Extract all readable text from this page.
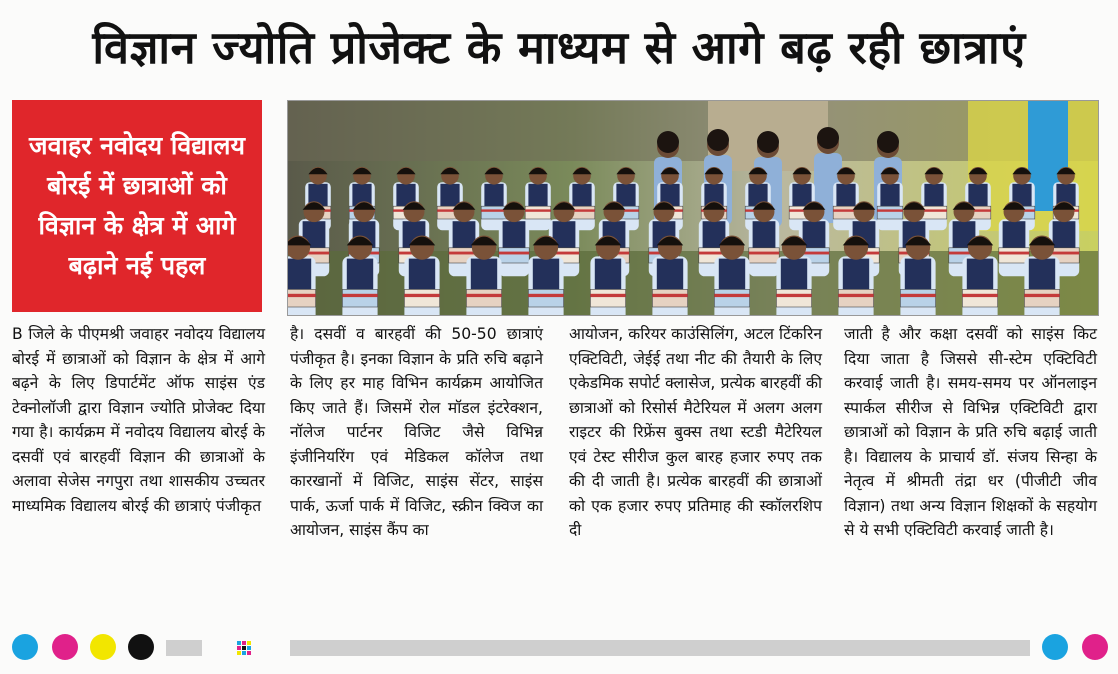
विज्ञान ज्योति प्रोजेक्ट के माध्यम से आगे बढ़ रही छात्राएं
जवाहर नवोदय विद्यालय बोरई में छात्राओं को विज्ञान के क्षेत्र में आगे बढ़ाने नई पहल
B जिले के पीएमश्री जवाहर नवोदय विद्यालय बोरई में छात्राओं को विज्ञान के क्षेत्र में आगे बढ़ने के लिए डिपार्टमेंट ऑफ साइंस एंड टेक्नोलॉजी द्वारा विज्ञान ज्योति प्रोजेक्ट दिया गया है। कार्यक्रम में नवोदय विद्यालय बोरई के दसवीं एवं बारहवीं विज्ञान की छात्राओं के अलावा सेजेस नगपुरा तथा शासकीय उच्चतर माध्यमिक विद्यालय बोरई की छात्राएं पंजीकृत
है। दसवीं व बारहवीं की 50-50 छात्राएं पंजीकृत है। इनका विज्ञान के प्रति रुचि बढ़ाने के लिए हर माह विभिन कार्यक्रम आयोजित किए जाते हैं। जिसमें रोल मॉडल इंटरेक्शन, नॉलेज पार्टनर विजिट जैसे विभिन्न इंजीनियरिंग एवं मेडिकल कॉलेज तथा कारखानों में विजिट, साइंस सेंटर, साइंस पार्क, ऊर्जा पार्क में विजिट, स्क्रीन क्विज का आयोजन, साइंस कैंप का
आयोजन, करियर काउंसिलिंग, अटल टिंकरिन एक्टिविटी, जेईई तथा नीट की तैयारी के लिए एकेडमिक सपोर्ट क्लासेज, प्रत्येक बारहवीं की छात्राओं को रिसोर्स मैटेरियल में अलग अलग राइटर की रिफ्रेंस बुक्स तथा स्टडी मैटेरियल एवं टेस्ट सीरीज कुल बारह हजार रुपए तक की दी जाती है। प्रत्येक बारहवीं की छात्राओं को एक हजार रुपए प्रतिमाह की स्कॉलरशिप दी
जाती है और कक्षा दसवीं को साइंस किट दिया जाता है जिससे सी-स्टेम एक्टिविटी करवाई जाती है। समय-समय पर ऑनलाइन स्पार्कल सीरीज से विभिन्न एक्टिविटी द्वारा छात्राओं को विज्ञान के प्रति रुचि बढ़ाई जाती है। विद्यालय के प्राचार्य डॉ. संजय सिन्हा के नेतृत्व में श्रीमती तंद्रा धर (पीजीटी जीव विज्ञान) तथा अन्य विज्ञान शिक्षकों के सहयोग से ये सभी एक्टिविटी करवाई जाती है।
